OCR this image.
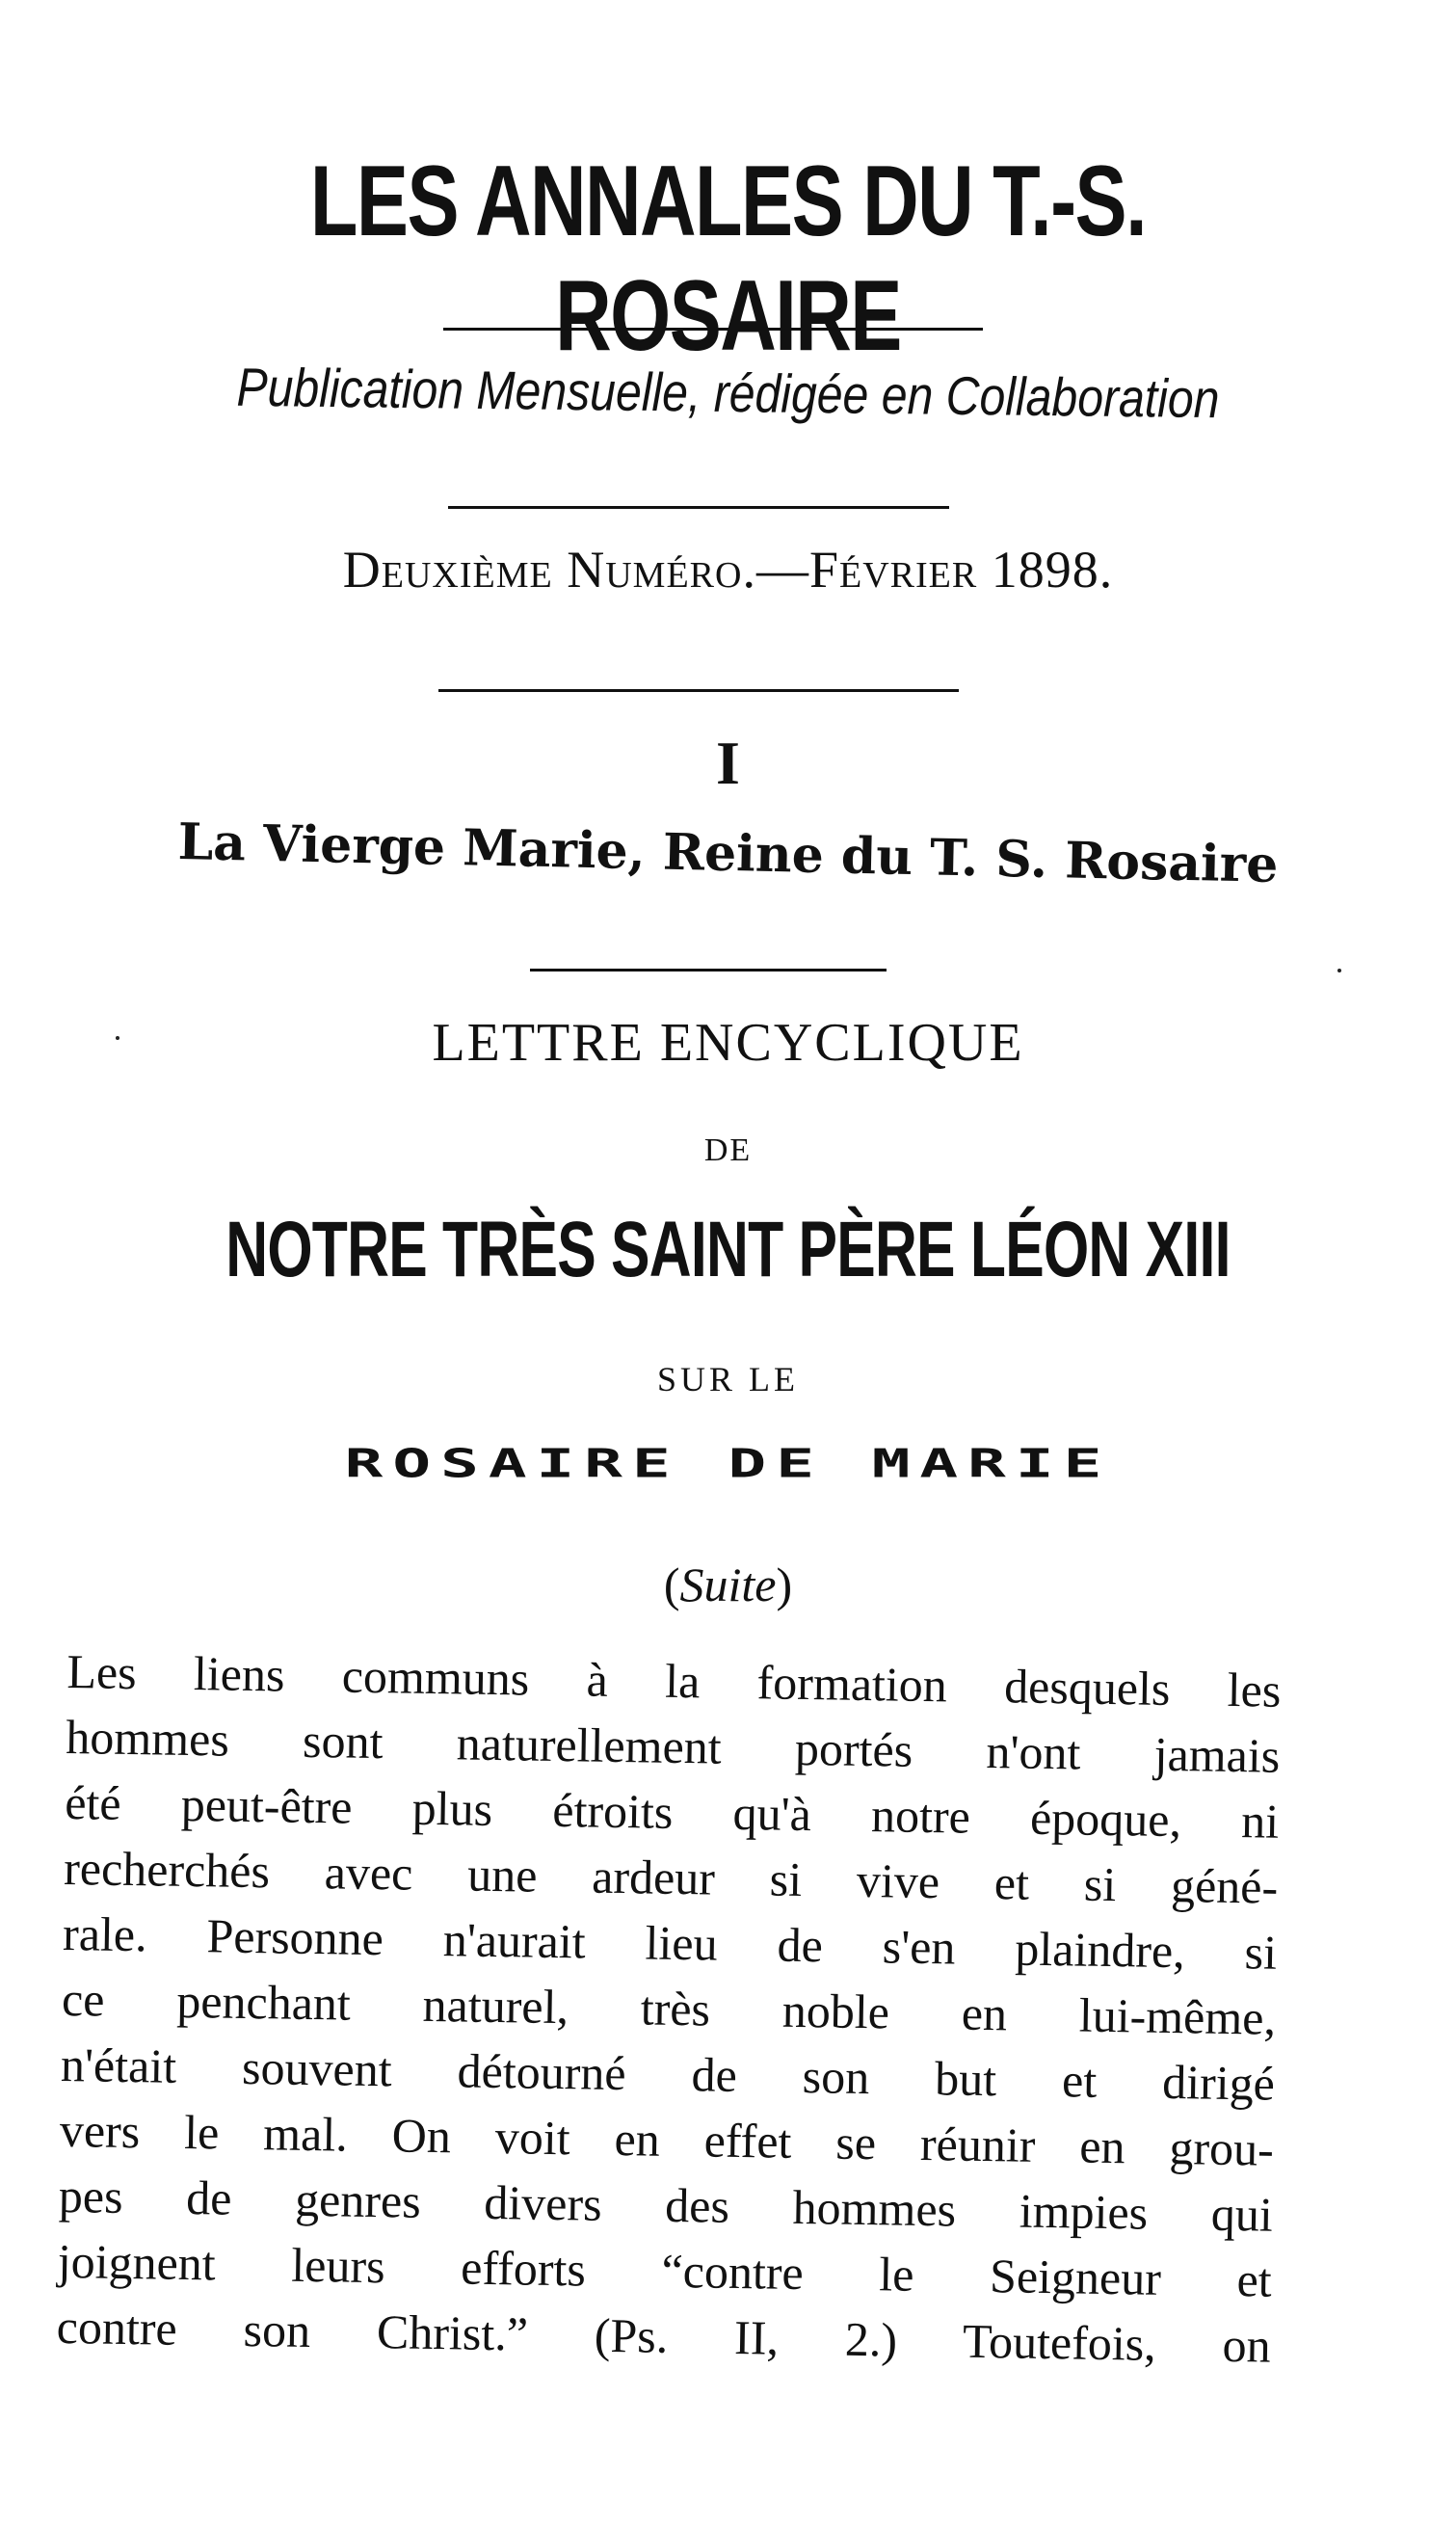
LES ANNALES DU T.-S. ROSAIRE
Publication Mensuelle, rédigée en Collaboration
Deuxième Numéro.—Février 1898.
I
La Vierge Marie, Reine du T. S. Rosaire
LETTRE ENCYCLIQUE
DE
NOTRE TRÈS SAINT PÈRE LÉON XIII
SUR LE
ROSAIRE DE MARIE
(Suite)
Les liens communs à la formation desquels les
hommes sont naturellement portés n'ont jamais
été peut-être plus étroits qu'à notre époque, ni
recherchés avec une ardeur si vive et si géné-
rale. Personne n'aurait lieu de s'en plaindre, si
ce penchant naturel, très noble en lui-même,
n'était souvent détourné de son but et dirigé
vers le mal. On voit en effet se réunir en grou-
pes de genres divers des hommes impies qui
joignent leurs efforts “contre le Seigneur et
contre son Christ.” (Ps. II, 2.) Toutefois, on
